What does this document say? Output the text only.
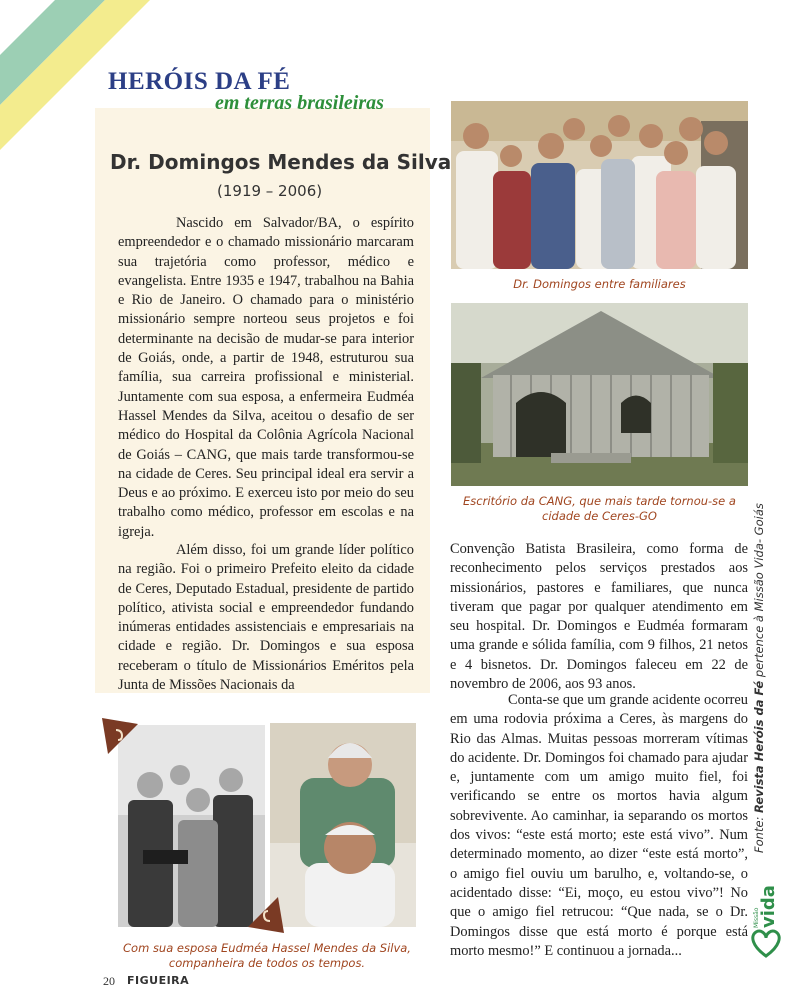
HERÓIS DA FÉ
em terras brasileiras
Dr. Domingos Mendes da Silva
(1919 – 2006)

Nascido em Salvador/BA, o espírito empreendedor e o chamado missionário marcaram sua trajetória como professor, médico e evangelista. Entre 1935 e 1947, trabalhou na Bahia e Rio de Janeiro. O chamado para o ministério missionário sempre norteou seus projetos e foi determinante na decisão de mudar-se para interior de Goiás, onde, a partir de 1948, estruturou sua família, sua carreira profissional e ministerial. Juntamente com sua esposa, a enfermeira Eudméa Hassel Mendes da Silva, aceitou o desafio de ser médico do Hospital da Colônia Agrícola Nacional de Goiás – CANG, que mais tarde transformou-se na cidade de Ceres. Seu principal ideal era servir a Deus e ao próximo. E exerceu isto por meio do seu trabalho como médico, professor em escolas e na igreja.

Além disso, foi um grande líder político na região. Foi o primeiro Prefeito eleito da cidade de Ceres, Deputado Estadual, presidente de partido político, ativista social e empreendedor fundando inúmeras entidades assistenciais e empresariais na cidade e região. Dr. Domingos e sua esposa receberam o título de Missionários Eméritos pela Junta de Missões Nacionais da

Dr. Domingos entre familiares
Escritório da CANG, que mais tarde tornou-se a cidade de Ceres-GO

Convenção Batista Brasileira, como forma de reconhecimento pelos serviços prestados aos missionários, pastores e familiares, que nunca tiveram que pagar por qualquer atendimento em seu hospital. Dr. Domingos e Eudméa formaram uma grande e sólida família, com 9 filhos, 21 netos e 4 bisnetos. Dr. Domingos faleceu em 22 de novembro de 2006, aos 93 anos.

Conta-se que um grande acidente ocorreu em uma rodovia próxima a Ceres, às margens do Rio das Almas. Muitas pessoas morreram vítimas do acidente. Dr. Domingos foi chamado para ajudar e, juntamente com um amigo muito fiel, foi verificando se entre os mortos havia algum sobrevivente. Ao caminhar, ia separando os mortos dos vivos: “este está morto; este está vivo”. Num determinado momento, ao dizer “este está morto”, o amigo fiel ouviu um barulho, e, voltando-se, o acidentado disse: “Ei, moço, eu estou vivo”! No que o amigo fiel retrucou: “Que nada, se o Dr. Domingos disse que está morto é porque está morto mesmo!” E continuou a jornada...

Com sua esposa Eudméa Hassel Mendes da Silva, companheira de todos os tempos.
Fonte: Revista Heróis da Fé pertence à Missão Vida- Goiás
vida
Missão
20 FIGUEIRA
